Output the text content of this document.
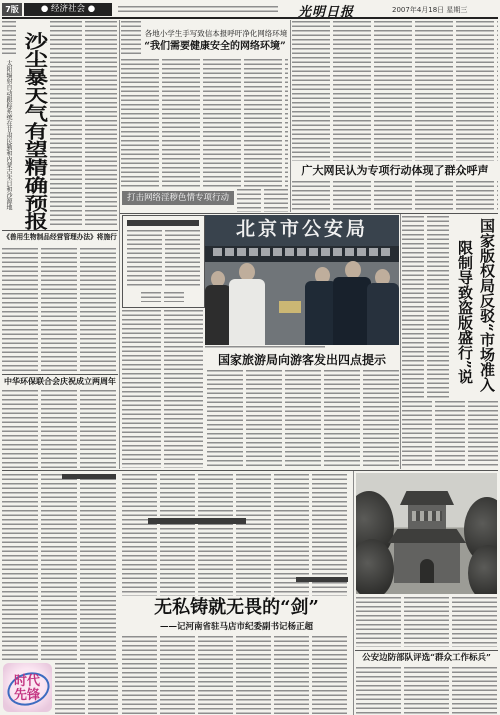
7版	● 经济社会 ●	光明日报	2007年4月18日 星期三
太阳辐射自动跟踪系统在甘肃民勤和内蒙古朱日和沙源地 沙尘暴天气有望精确预报	各地小学生手写致信本报呼吁净化网络环境
“我们需要健康安全的网络环境”
打击网络淫秽色情专项行动
广大网民认为专项行动体现了群众呼声
《兽用生物制品经营管理办法》将施行	北京市公安局	国家版权局反驳“市场准入
限制导致盗版盛行”说
国家旅游局向游客发出四点提示
中华环保联合会庆祝成立两周年
无私铸就无畏的“剑”
——记河南省驻马店市纪委副书记杨正超
时代先锋
公安边防部队评选“群众工作标兵”
